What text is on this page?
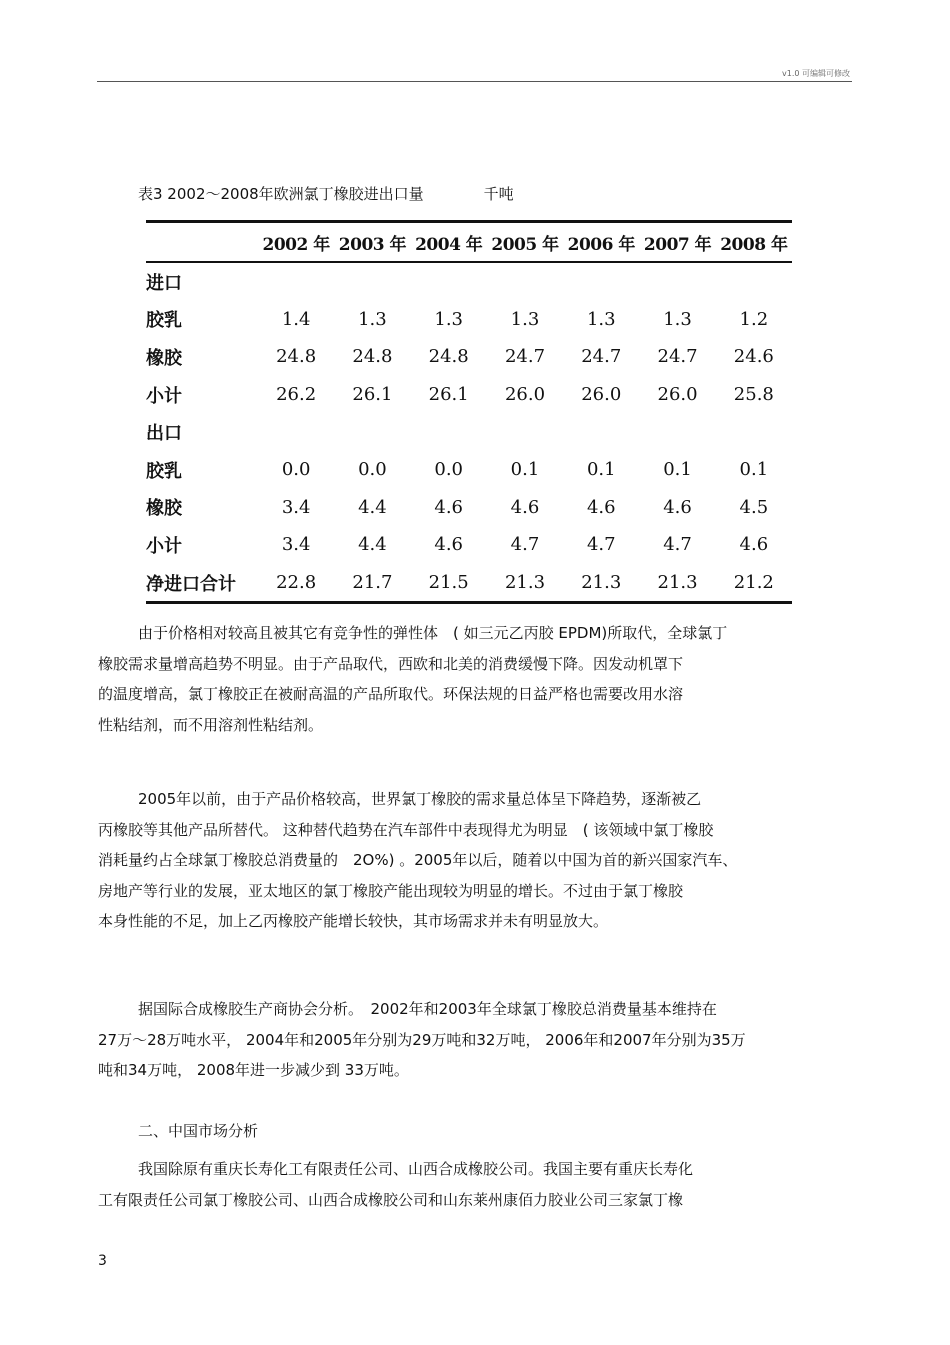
v1.0 可编辑可修改
表3 2002～2008年欧洲氯丁橡胶进出口量	千吨
	2002 年	2003 年	2004 年	2005 年	2006 年	2007 年	2008 年
进口							
胶乳	1.4	1.3	1.3	1.3	1.3	1.3	1.2
橡胶	24.8	24.8	24.8	24.7	24.7	24.7	24.6
小计	26.2	26.1	26.1	26.0	26.0	26.0	25.8
出口							
胶乳	0.0	0.0	0.0	0.1	0.1	0.1	0.1
橡胶	3.4	4.4	4.6	4.6	4.6	4.6	4.5
小计	3.4	4.4	4.6	4.7	4.7	4.7	4.6
净进口合计	22.8	21.7	21.5	21.3	21.3	21.3	21.2
由于价格相对较高且被其它有竞争性的弹性体　( 如三元乙丙胶 EPDM)所取代，全球氯丁
橡胶需求量增高趋势不明显。由于产品取代，西欧和北美的消费缓慢下降。因发动机罩下
的温度增高，氯丁橡胶正在被耐高温的产品所取代。环保法规的日益严格也需要改用水溶
性粘结剂，而不用溶剂性粘结剂。
2005年以前，由于产品价格较高，世界氯丁橡胶的需求量总体呈下降趋势，逐渐被乙
丙橡胶等其他产品所替代。 这种替代趋势在汽车部件中表现得尤为明显　( 该领域中氯丁橡胶
消耗量约占全球氯丁橡胶总消费量的　2O%) 。2005年以后，随着以中国为首的新兴国家汽车、
房地产等行业的发展，亚太地区的氯丁橡胶产能出现较为明显的增长。不过由于氯丁橡胶
本身性能的不足，加上乙丙橡胶产能增长较快，其市场需求并未有明显放大。
据国际合成橡胶生产商协会分析。　2002年和2003年全球氯丁橡胶总消费量基本维持在
27万～28万吨水平， 2004年和2005年分别为29万吨和32万吨， 2006年和2007年分别为35万
吨和34万吨， 2008年进一步减少到 33万吨。
二、中国市场分析
我国除原有重庆长寿化工有限责任公司、山西合成橡胶公司。我国主要有重庆长寿化
工有限责任公司氯丁橡胶公司、山西合成橡胶公司和山东莱州康佰力胶业公司三家氯丁橡
3
